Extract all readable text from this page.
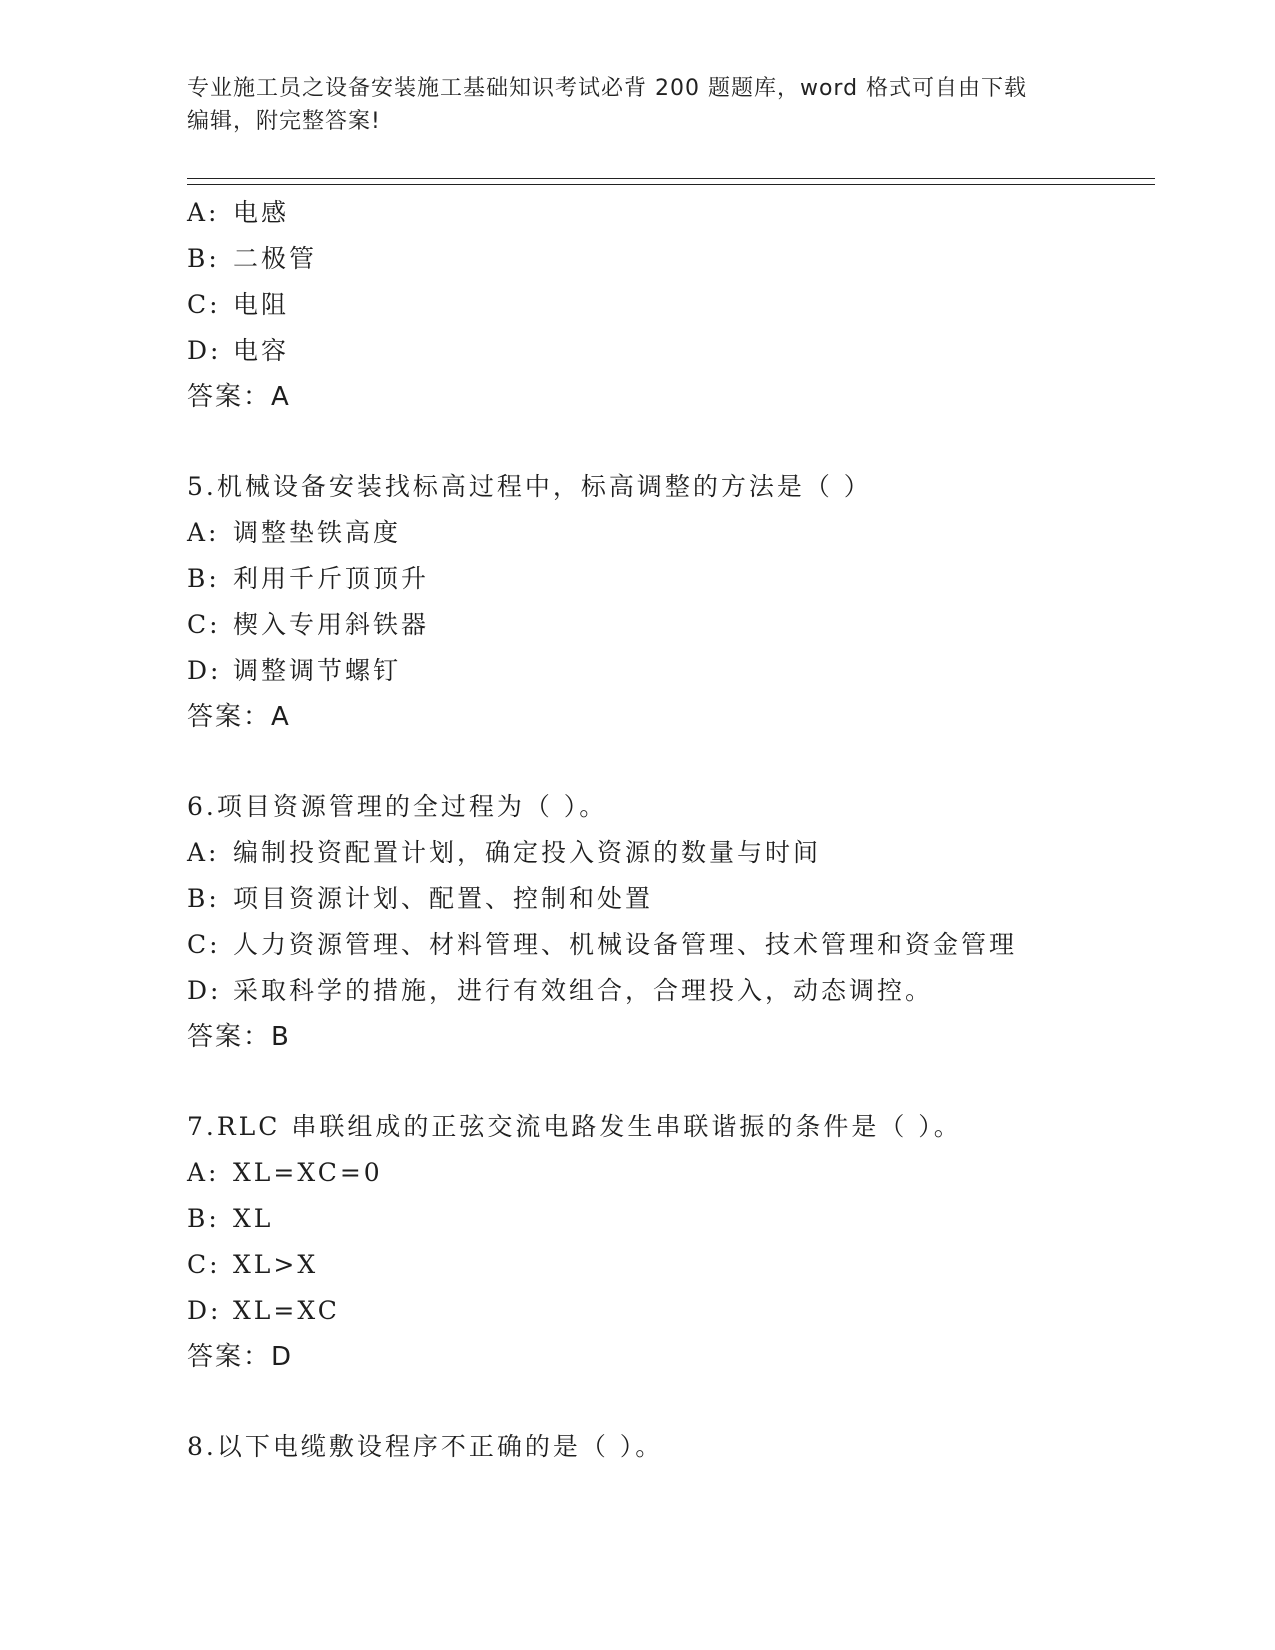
专业施工员之设备安装施工基础知识考试必背 200 题题库，word 格式可自由下载
编辑，附完整答案!
A: 电感
B: 二极管
C: 电阻
D: 电容
答案：A
5.机械设备安装找标高过程中，标高调整的方法是（ ）
A: 调整垫铁高度
B: 利用千斤顶顶升
C: 楔入专用斜铁器
D: 调整调节螺钉
答案：A
6.项目资源管理的全过程为（ ）。
A: 编制投资配置计划，确定投入资源的数量与时间
B: 项目资源计划、配置、控制和处置
C: 人力资源管理、材料管理、机械设备管理、技术管理和资金管理
D: 采取科学的措施，进行有效组合，合理投入，动态调控。
答案：B
7.RLC 串联组成的正弦交流电路发生串联谐振的条件是（ ）。
A: XL=XC=0
B: XL
C: XL>X
D: XL=XC
答案：D
8.以下电缆敷设程序不正确的是（ ）。
